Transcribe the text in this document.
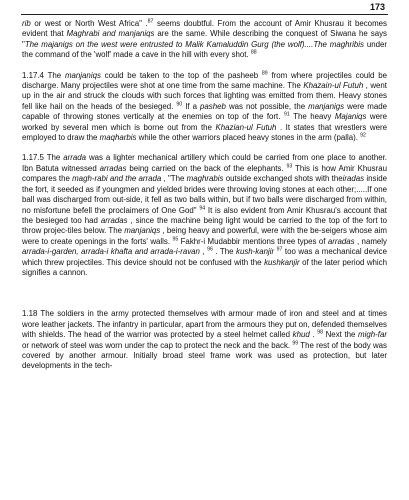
173

rib or west or North West Africa" .$^{87}$ seems doubtful. From the account of Amir Khusrau it becomes evident that Maghrabi and manjaniqs are the same. While describing the conquest of Siwana he says "The majanigs on the west were entrusted to Malik Kamaluddin Gurg (the wolf)....The maghribis under the command of the 'wolf' made a cave in the hill with every shot. $^{88}$

1.17.4 The manjaniqs could be taken to the top of the pasheeb $^{89}$ from where projectiles could be discharge. Many projectiles were shot at one time from the same machine. The Khazain-ul Futuh , went up in the air and struck the clouds with such forces that lighting was emitted from them. Heavy stones fell like hail on the heads of the besieged. $^{90}$ If a pasheb was not possible, the manjanigs were made capable of throwing stones vertically at the enemies on top of the fort. $^{91}$ The heavy Majaniqs were worked by several men which is borne out from the Khazian-ul Futuh . It states that wrestlers were employed to draw the maqharbis while the other warriors placed heavy stones in the arm (palla). $^{92}$

1.17.5 The arrada was a lighter mechanical artillery which could be carried from one place to another. Ibn Batuta witnessed arradas being carried on the back of the elephants. $^{93}$ This is how Amir Khusrau compares the magh-rabi and the arrada , "The maghrabis outside exchanged shots with theiradas inside the fort, it seeded as if youngmen and yielded brides were throwing loving stones at each other;.....If one ball was discharged from out-side, it fell as two balls within, but if two balls were discharged from within, no misfortune befell the proclaimers of One God" $^{94}$ It is also evident from Amir Khusrau's account that the besieged too had arradas , since the machine being light would be carried to the top of the fort to throw projec-tiles below. The manjaniqs , being heavy and powerful, were with the be-seigers whose aim were to create openings in the forts' walls. $^{95}$ Fakhr-i Mudabbir mentions three types of arradas , namely arrada-i-garden, arrada-i khafta and arrada-i-ravan , $^{96}$ . The kush-kanjir $^{97}$ too was a mechanical device which threw projectiles. This device should not be confused with the kushkanjir of the later period which signifies a cannon.

1.18 The soldiers in the army protected themselves with armour made of iron and steel and at times wore leather jackets. The infantry in particular, apart from the armours they put on, defended themselves with shields. The head of the warrior was protected by a steel helmet called khud . $^{98}$ Next the migh-far or network of steel was worn under the cap to protect the neck and the back. $^{99}$ The rest of the body was covered by another armour. Initially broad steel frame work was used as protection, but later developments in the tech-
